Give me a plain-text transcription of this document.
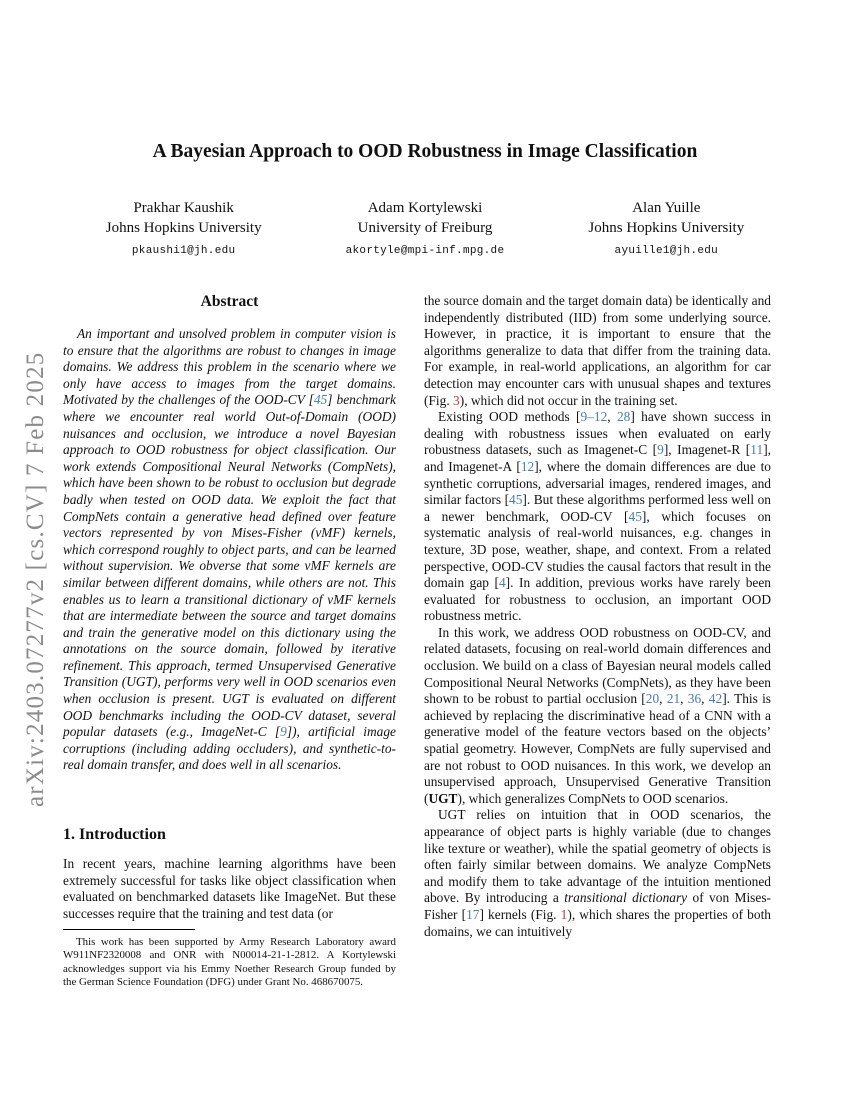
arXiv:2403.07277v2 [cs.CV] 7 Feb 2025
A Bayesian Approach to OOD Robustness in Image Classification
Prakhar Kaushik
Johns Hopkins University
pkaushi1@jh.edu
Adam Kortylewski
University of Freiburg
akortyle@mpi-inf.mpg.de
Alan Yuille
Johns Hopkins University
ayuille1@jh.edu
Abstract

An important and unsolved problem in computer vision is to ensure that the algorithms are robust to changes in image domains. We address this problem in the scenario where we only have access to images from the target domains. Motivated by the challenges of the OOD-CV [45] benchmark where we encounter real world Out-of-Domain (OOD) nuisances and occlusion, we introduce a novel Bayesian approach to OOD robustness for object classification. Our work extends Compositional Neural Networks (CompNets), which have been shown to be robust to occlusion but degrade badly when tested on OOD data. We exploit the fact that CompNets contain a generative head defined over feature vectors represented by von Mises-Fisher (vMF) kernels, which correspond roughly to object parts, and can be learned without supervision. We obverse that some vMF kernels are similar between different domains, while others are not. This enables us to learn a transitional dictionary of vMF kernels that are intermediate between the source and target domains and train the generative model on this dictionary using the annotations on the source domain, followed by iterative refinement. This approach, termed Unsupervised Generative Transition (UGT), performs very well in OOD scenarios even when occlusion is present. UGT is evaluated on different OOD benchmarks including the OOD-CV dataset, several popular datasets (e.g., ImageNet-C [9]), artificial image corruptions (including adding occluders), and synthetic-to-real domain transfer, and does well in all scenarios.

1. Introduction

In recent years, machine learning algorithms have been extremely successful for tasks like object classification when evaluated on benchmarked datasets like ImageNet. But these successes require that the training and test data (or

This work has been supported by Army Research Laboratory award W911NF2320008 and ONR with N00014-21-1-2812. A Kortylewski acknowledges support via his Emmy Noether Research Group funded by the German Science Foundation (DFG) under Grant No. 468670075.

the source domain and the target domain data) be identically and independently distributed (IID) from some underlying source. However, in practice, it is important to ensure that the algorithms generalize to data that differ from the training data. For example, in real-world applications, an algorithm for car detection may encounter cars with unusual shapes and textures (Fig. 3), which did not occur in the training set.

Existing OOD methods [9–12, 28] have shown success in dealing with robustness issues when evaluated on early robustness datasets, such as Imagenet-C [9], Imagenet-R [11], and Imagenet-A [12], where the domain differences are due to synthetic corruptions, adversarial images, rendered images, and similar factors [45]. But these algorithms performed less well on a newer benchmark, OOD-CV [45], which focuses on systematic analysis of real-world nuisances, e.g. changes in texture, 3D pose, weather, shape, and context. From a related perspective, OOD-CV studies the causal factors that result in the domain gap [4]. In addition, previous works have rarely been evaluated for robustness to occlusion, an important OOD robustness metric.

In this work, we address OOD robustness on OOD-CV, and related datasets, focusing on real-world domain differences and occlusion. We build on a class of Bayesian neural models called Compositional Neural Networks (CompNets), as they have been shown to be robust to partial occlusion [20, 21, 36, 42]. This is achieved by replacing the discriminative head of a CNN with a generative model of the feature vectors based on the objects’ spatial geometry. However, CompNets are fully supervised and are not robust to OOD nuisances. In this work, we develop an unsupervised approach, Unsupervised Generative Transition (UGT), which generalizes CompNets to OOD scenarios.

UGT relies on intuition that in OOD scenarios, the appearance of object parts is highly variable (due to changes like texture or weather), while the spatial geometry of objects is often fairly similar between domains. We analyze CompNets and modify them to take advantage of the intuition mentioned above. By introducing a transitional dictionary of von Mises-Fisher [17] kernels (Fig. 1), which shares the properties of both domains, we can intuitively
